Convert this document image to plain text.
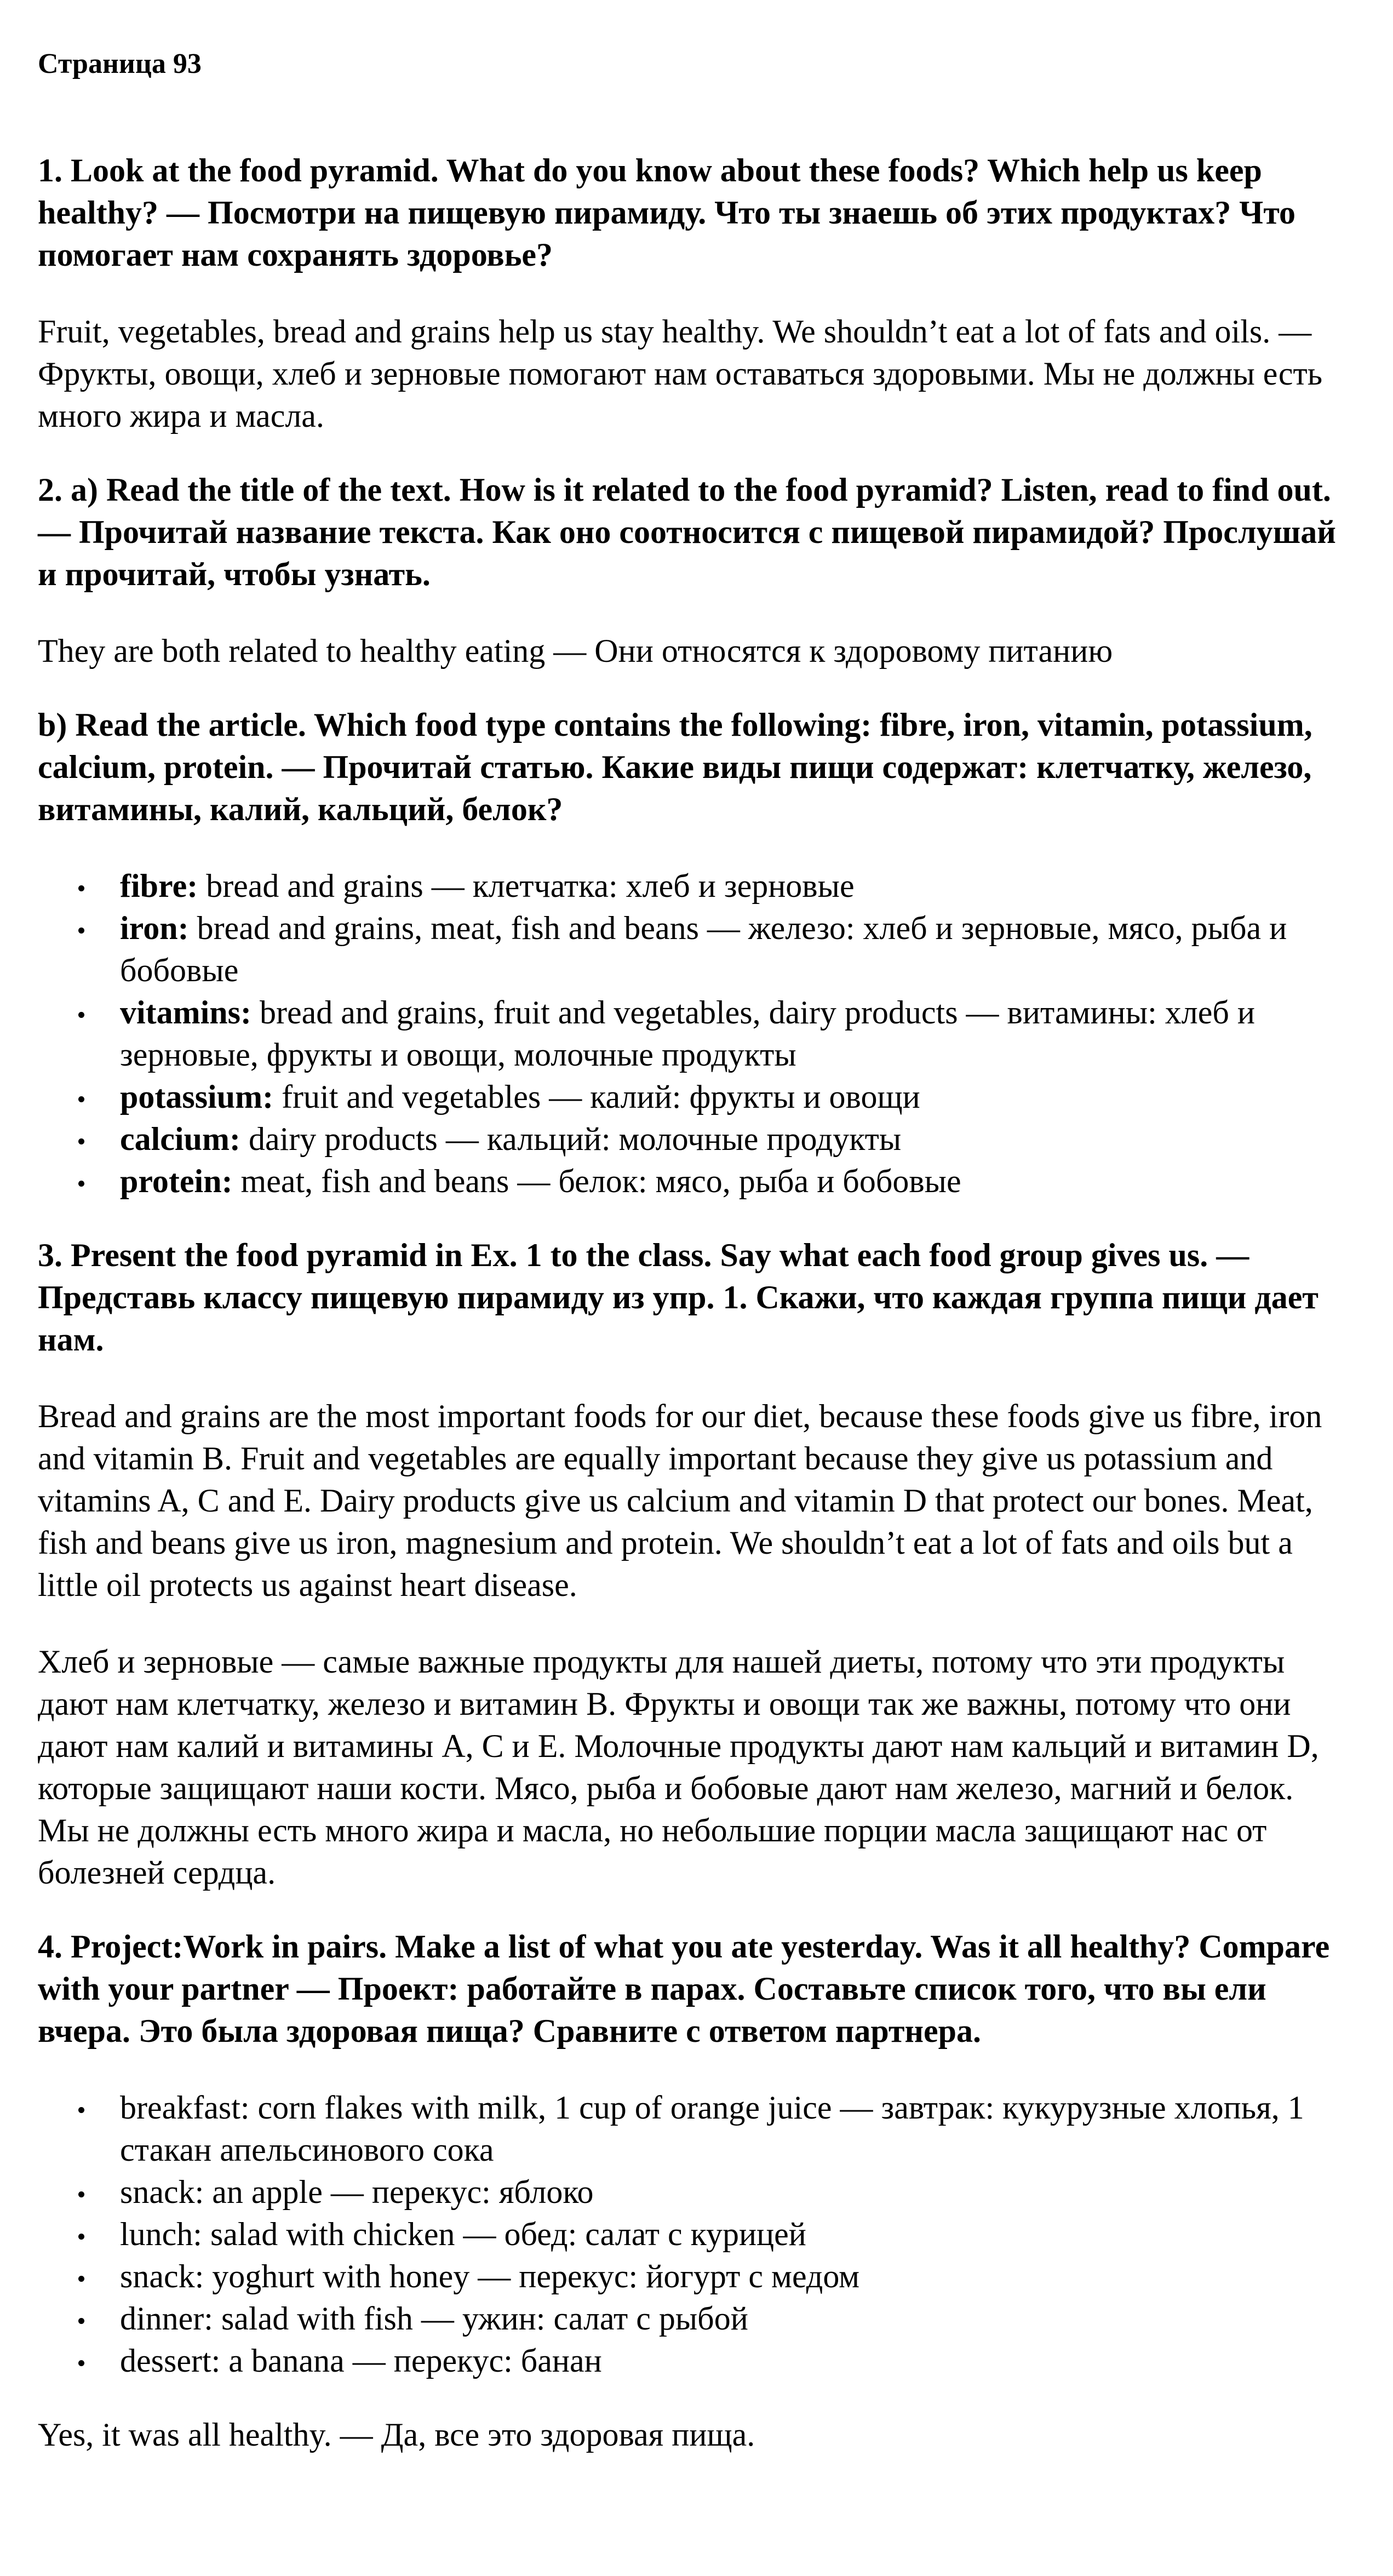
Страница 93

1. Look at the food pyramid. What do you know about these foods? Which help us keep healthy? — Посмотри на пищевую пирамиду. Что ты знаешь об этих продуктах? Что помогает нам сохранять здоровье?

Fruit, vegetables, bread and grains help us stay healthy. We shouldn’t eat a lot of fats and oils. — Фрукты, овощи, хлеб и зерновые помогают нам оставаться здоровыми. Мы не должны есть много жира и масла.

2. a) Read the title of the text. How is it related to the food pyramid? Listen, read to find out. — Прочитай название текста. Как оно соотносится с пищевой пирамидой? Прослушай и прочитай, чтобы узнать.

They are both related to healthy eating — Они относятся к здоровому питанию

b) Read the article. Which food type contains the following: fibre, iron, vitamin, potassium, calcium, protein. — Прочитай статью. Какие виды пищи содержат: клетчатку, железо, витамины, калий, кальций, белок?

fibre: bread and grains — клетчатка: хлеб и зерновые
iron: bread and grains, meat, fish and beans — железо: хлеб и зерновые, мясо, рыба и бобовые
vitamins: bread and grains, fruit and vegetables, dairy products — витамины: хлеб и зерновые, фрукты и овощи, молочные продукты
potassium: fruit and vegetables — калий: фрукты и овощи
calcium: dairy products — кальций: молочные продукты
protein: meat, fish and beans — белок: мясо, рыба и бобовые

3. Present the food pyramid in Ex. 1 to the class. Say what each food group gives us. — Представь классу пищевую пирамиду из упр. 1. Скажи, что каждая группа пищи дает нам.

Bread and grains are the most important foods for our diet, because these foods give us fibre, iron and vitamin B. Fruit and vegetables are equally important because they give us potassium and vitamins A, C and E. Dairy products give us calcium and vitamin D that protect our bones. Meat, fish and beans give us iron, magnesium and protein. We shouldn’t eat a lot of fats and oils but a little oil protects us against heart disease.

Хлеб и зерновые — самые важные продукты для нашей диеты, потому что эти продукты дают нам клетчатку, железо и витамин B. Фрукты и овощи так же важны, потому что они дают нам калий и витамины A, C и E. Молочные продукты дают нам кальций и витамин D, которые защищают наши кости. Мясо, рыба и бобовые дают нам железо, магний и белок. Мы не должны есть много жира и масла, но небольшие порции масла защищают нас от болезней сердца.

4. Project:Work in pairs. Make a list of what you ate yesterday. Was it all healthy? Compare with your partner — Проект: работайте в парах. Составьте список того, что вы ели вчера. Это была здоровая пища? Сравните с ответом партнера.

breakfast: corn flakes with milk, 1 cup of orange juice — завтрак: кукурузные хлопья, 1 стакан апельсинового сока
snack: an apple — перекус: яблоко
lunch: salad with chicken — обед: салат с курицей
snack: yoghurt with honey — перекус: йогурт с медом
dinner: salad with fish — ужин: салат с рыбой
dessert: a banana — перекус: банан

Yes, it was all healthy. — Да, все это здоровая пища.
